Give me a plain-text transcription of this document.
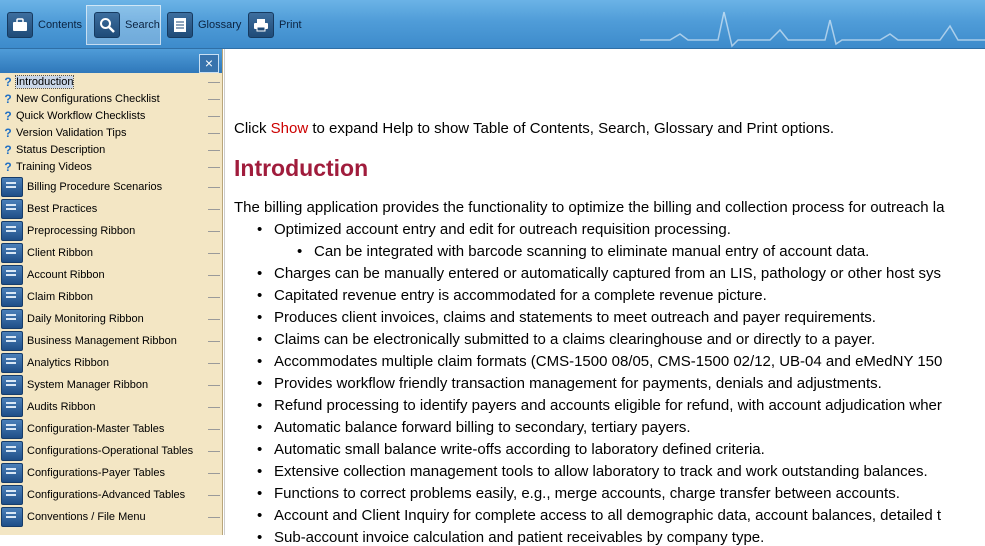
Contents	Search	Glossary	Print
×
? Introduction
? New Configurations Checklist
? Quick Workflow Checklists
? Version Validation Tips
? Status Description
? Training Videos
Billing Procedure Scenarios
Best Practices
Preprocessing Ribbon
Client Ribbon
Account Ribbon
Claim Ribbon
Daily Monitoring Ribbon
Business Management Ribbon
Analytics Ribbon
System Manager Ribbon
Audits Ribbon
Configuration-Master Tables
Configurations-Operational Tables
Configurations-Payer Tables
Configurations-Advanced Tables
Conventions / File Menu
Click Show to expand Help to show Table of Contents, Search, Glossary and Print options.
Introduction
The billing application provides the functionality to optimize the billing and collection process for outreach la
• Optimized account entry and edit for outreach requisition processing.
• Can be integrated with barcode scanning to eliminate manual entry of account data.
• Charges can be manually entered or automatically captured from an LIS, pathology or other host sys
• Capitated revenue entry is accommodated for a complete revenue picture.
• Produces client invoices, claims and statements to meet outreach and payer requirements.
• Claims can be electronically submitted to a claims clearinghouse and or directly to a payer.
• Accommodates multiple claim formats (CMS-1500 08/05, CMS-1500 02/12, UB-04 and eMedNY 150
• Provides workflow friendly transaction management for payments, denials and adjustments.
• Refund processing to identify payers and accounts eligible for refund, with account adjudication wher
• Automatic balance forward billing to secondary, tertiary payers.
• Automatic small balance write-offs according to laboratory defined criteria.
• Extensive collection management tools to allow laboratory to track and work outstanding balances.
• Functions to correct problems easily, e.g., merge accounts, charge transfer between accounts.
• Account and Client Inquiry for complete access to all demographic data, account balances, detailed t
• Sub-account invoice calculation and patient receivables by company type.
